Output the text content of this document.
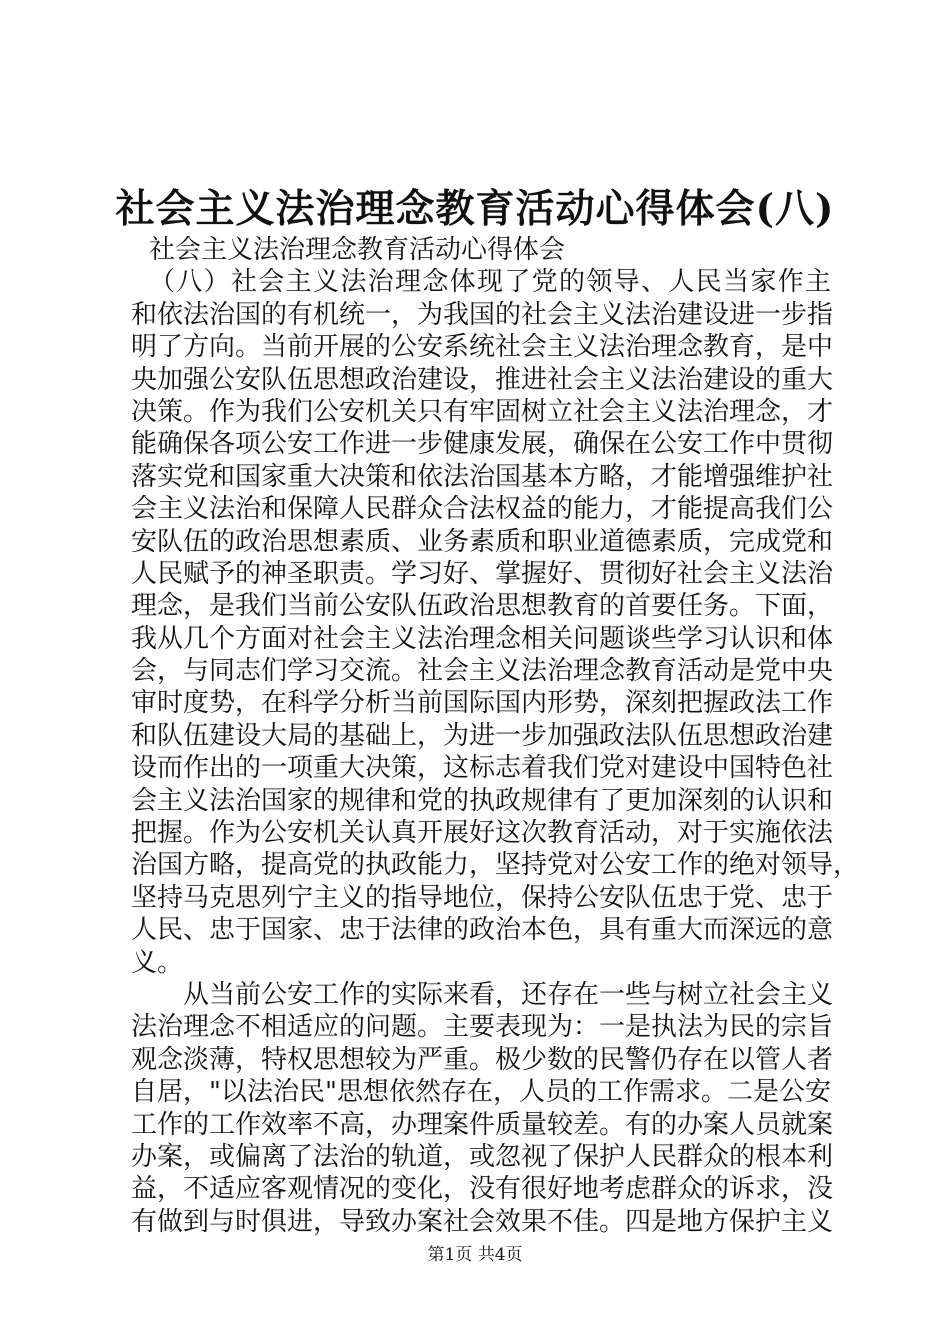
社会主义法治理念教育活动心得体会(八)
社会主义法治理念教育活动心得体会
（八）社会主义法治理念体现了党的领导、人民当家作主
和依法治国的有机统一，为我国的社会主义法治建设进一步指
明了方向。当前开展的公安系统社会主义法治理念教育，是中
央加强公安队伍思想政治建设，推进社会主义法治建设的重大
决策。作为我们公安机关只有牢固树立社会主义法治理念，才
能确保各项公安工作进一步健康发展，确保在公安工作中贯彻
落实党和国家重大决策和依法治国基本方略，才能增强维护社
会主义法治和保障人民群众合法权益的能力，才能提高我们公
安队伍的政治思想素质、业务素质和职业道德素质，完成党和
人民赋予的神圣职责。学习好、掌握好、贯彻好社会主义法治
理念，是我们当前公安队伍政治思想教育的首要任务。下面，
我从几个方面对社会主义法治理念相关问题谈些学习认识和体
会，与同志们学习交流。社会主义法治理念教育活动是党中央
审时度势，在科学分析当前国际国内形势，深刻把握政法工作
和队伍建设大局的基础上，为进一步加强政法队伍思想政治建
设而作出的一项重大决策，这标志着我们党对建设中国特色社
会主义法治国家的规律和党的执政规律有了更加深刻的认识和
把握。作为公安机关认真开展好这次教育活动，对于实施依法
治国方略，提高党的执政能力，坚持党对公安工作的绝对领导，
坚持马克思列宁主义的指导地位，保持公安队伍忠于党、忠于
人民、忠于国家、忠于法律的政治本色，具有重大而深远的意
义。
从当前公安工作的实际来看，还存在一些与树立社会主义
法治理念不相适应的问题。主要表现为：一是执法为民的宗旨
观念淡薄，特权思想较为严重。极少数的民警仍存在以管人者
自居，"以法治民"思想依然存在，人员的工作需求。二是公安
工作的工作效率不高，办理案件质量较差。有的办案人员就案
办案，或偏离了法治的轨道，或忽视了保护人民群众的根本利
益，不适应客观情况的变化，没有很好地考虑群众的诉求，没
有做到与时俱进，导致办案社会效果不佳。四是地方保护主义
第1页 共4页
